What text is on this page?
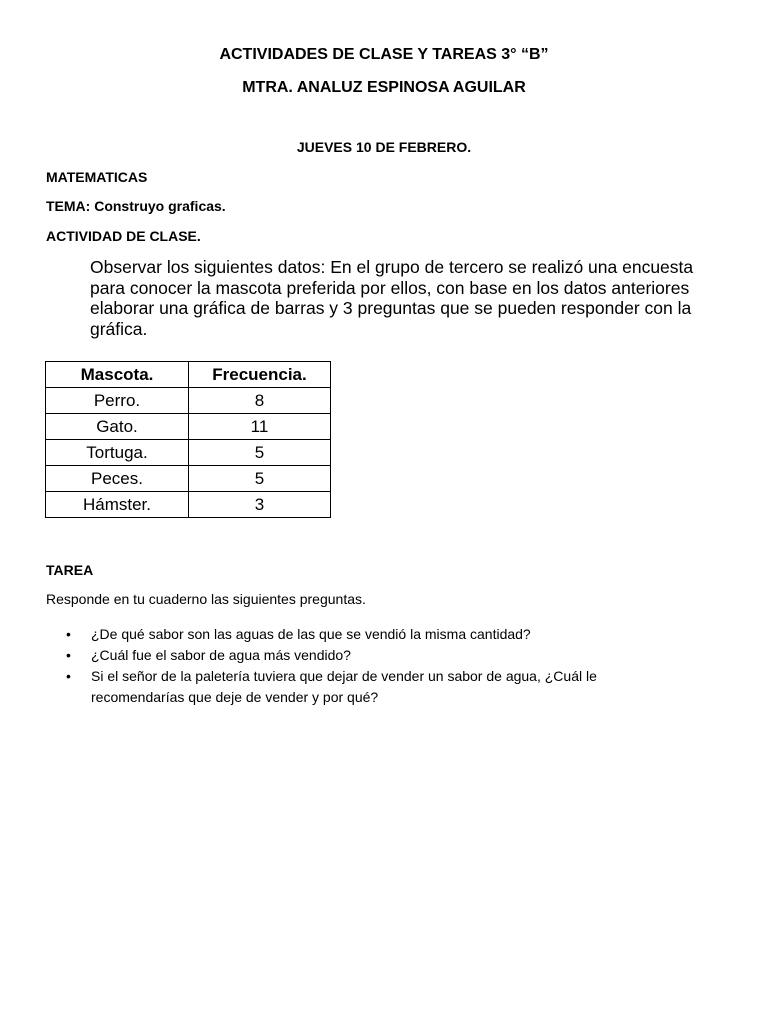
ACTIVIDADES DE CLASE Y TAREAS 3° “B”
MTRA. ANALUZ ESPINOSA AGUILAR
JUEVES 10 DE FEBRERO.
MATEMATICAS
TEMA: Construyo graficas.
ACTIVIDAD DE CLASE.
Observar los siguientes datos: En el grupo de tercero se realizó una encuesta para conocer la mascota preferida por ellos, con base en los datos anteriores elaborar una gráfica de barras y 3 preguntas que se pueden responder con la gráfica.
Mascota.	Frecuencia.
Perro.	8
Gato.	11
Tortuga.	5
Peces.	5
Hámster.	3
TAREA
Responde en tu cuaderno las siguientes preguntas.
• ¿De qué sabor son las aguas de las que se vendió la misma cantidad?
• ¿Cuál fue el sabor de agua más vendido?
• Si el señor de la paletería tuviera que dejar de vender un sabor de agua, ¿Cuál le recomendarías que deje de vender y por qué?
